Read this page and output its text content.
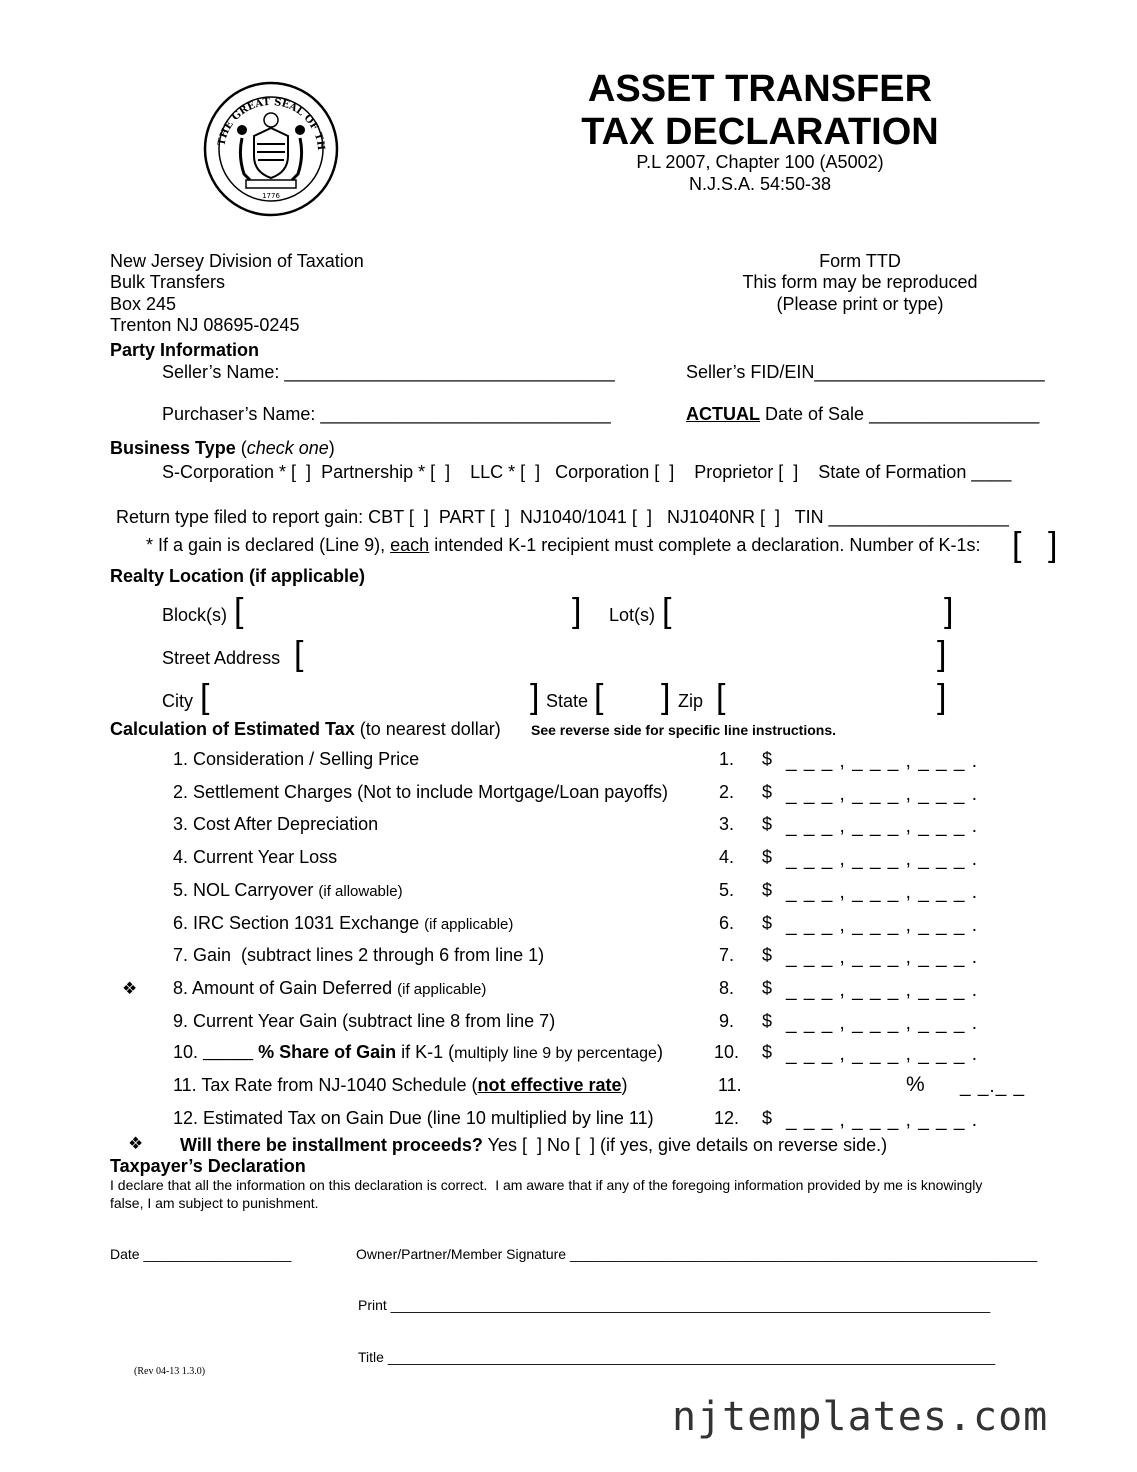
THE GREAT SEAL OF TH
1776
ASSET TRANSFER
TAX DECLARATION
P.L 2007, Chapter 100 (A5002)
N.J.S.A. 54:50-38
New Jersey Division of Taxation
Bulk Transfers
Box 245
Trenton NJ 08695-0245
Form TTD
This form may be reproduced
(Please print or type)
Party Information
Seller’s Name: _________________________________	Seller’s FID/EIN_______________________
Purchaser’s Name: _____________________________	ACTUAL Date of Sale _________________
Business Type (check one)
S-Corporation * [  ]  Partnership * [  ]    LLC * [  ]   Corporation [  ]    Proprietor [  ]    State of Formation ____
Return type filed to report gain: CBT [  ]  PART [  ]  NJ1040/1041 [  ]   NJ1040NR [  ]   TIN __________________
* If a gain is declared (Line 9), each intended K-1 recipient must complete a declaration. Number of K-1s: [ ]
Realty Location (if applicable)
Block(s) [	] Lot(s) [	]
Street Address [	]
City [	] State [ ] Zip [	]
Calculation of Estimated Tax (to nearest dollar) See reverse side for specific line instructions.
1. Consideration / Selling Price	1. $ _ _ _ , _ _ _ , _ _ _ .
2. Settlement Charges (Not to include Mortgage/Loan payoffs)	2. $ _ _ _ , _ _ _ , _ _ _ .
3. Cost After Depreciation	3. $ _ _ _ , _ _ _ , _ _ _ .
4. Current Year Loss	4. $ _ _ _ , _ _ _ , _ _ _ .
5. NOL Carryover (if allowable)	5. $ _ _ _ , _ _ _ , _ _ _ .
6. IRC Section 1031 Exchange (if applicable)	6. $ _ _ _ , _ _ _ , _ _ _ .
7. Gain  (subtract lines 2 through 6 from line 1)	7. $ _ _ _ , _ _ _ , _ _ _ .
❖ 8. Amount of Gain Deferred (if applicable)	8. $ _ _ _ , _ _ _ , _ _ _ .
9. Current Year Gain (subtract line 8 from line 7)	9. $ _ _ _ , _ _ _ , _ _ _ .
10. _____ % Share of Gain if K-1 (multiply line 9 by percentage)	10. $ _ _ _ , _ _ _ , _ _ _ .
11. Tax Rate from NJ-1040 Schedule (not effective rate)	11.	% _ _._ _
12. Estimated Tax on Gain Due (line 10 multiplied by line 11)	12. $ _ _ _ , _ _ _ , _ _ _ .
❖ Will there be installment proceeds? Yes [  ] No [  ] (if yes, give details on reverse side.)
Taxpayer’s Declaration
I declare that all the information on this declaration is correct.  I am aware that if any of the foregoing information provided by me is knowingly
false, I am subject to punishment.
Date ___________________	Owner/Partner/Member Signature ____________________________________________________________
Print _____________________________________________________________________________
Title ______________________________________________________________________________
(Rev 04-13 1.3.0)
njtemplates.com
